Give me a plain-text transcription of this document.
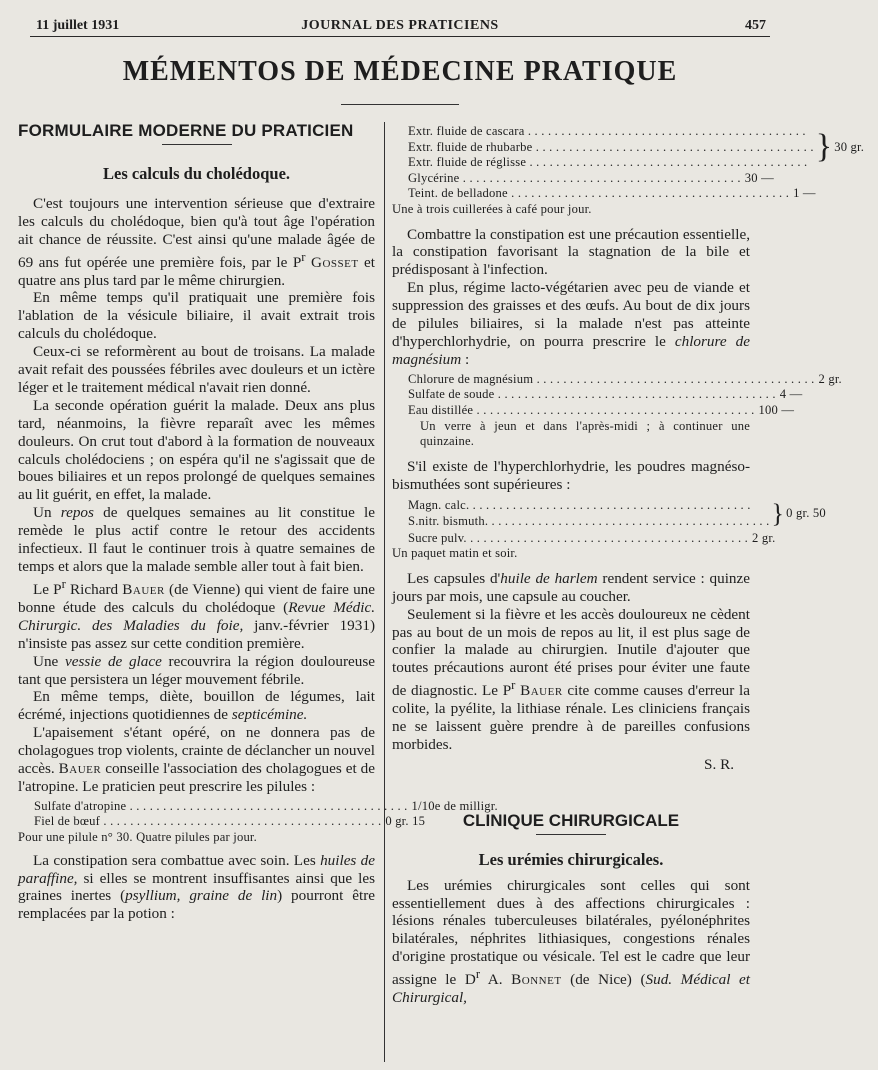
11 juillet 1931	JOURNAL DES PRATICIENS	457
MÉMENTOS DE MÉDECINE PRATIQUE
FORMULAIRE MODERNE DU PRATICIEN
Les calculs du cholédoque.

C'est toujours une intervention sérieuse que d'extraire les calculs du cholédoque, bien qu'à tout âge l'opération ait chance de réussite. C'est ainsi qu'une malade âgée de 69 ans fut opérée une première fois, par le $P^r$ Gosset et quatre ans plus tard par le même chirurgien.

En même temps qu'il pratiquait une première fois l'ablation de la vésicule biliaire, il avait extrait trois calculs du cholédoque.

Ceux-ci se reformèrent au bout de troisans. La malade avait refait des poussées fébriles avec douleurs et un ictère léger et le traitement médical n'avait rien donné.

La seconde opération guérit la malade. Deux ans plus tard, néanmoins, la fièvre reparaît avec les mêmes douleurs. On crut tout d'abord à la formation de nouveaux calculs cholédociens ; on espéra qu'il ne s'agissait que de boues biliaires et un repos prolongé de quelques semaines au lit guérit, en effet, la malade.

Un repos de quelques semaines au lit constitue le remède le plus actif contre le retour des accidents infectieux. Il faut le continuer trois à quatre semaines de temps et alors que la malade semble aller tout à fait bien.

Le $P^r$ Richard Bauer (de Vienne) qui vient de faire une bonne étude des calculs du cholédoque (Revue Médic. Chirurgic. des Maladies du foie, janv.-février 1931) n'insiste pas assez sur cette condition première.

Une vessie de glace recouvrira la région douloureuse tant que persistera un léger mouvement fébrile.

En même temps, diète, bouillon de légumes, lait écrémé, injections quotidiennes de septicémine.

L'apaisement s'étant opéré, on ne donnera pas de cholagogues trop violents, crainte de déclancher un nouvel accès. Bauer conseille l'association des cholagogues et de l'atropine. Le praticien peut prescrire les pilules :

Sulfate d'atropine . . .	1/10e de milligr.
Fiel de bœuf . . .	0 gr. 15
Pour une pilule n° 30. Quatre pilules par jour.

La constipation sera combattue avec soin. Les huiles de paraffine, si elles se montrent insuffisantes ainsi que les graines inertes (psyllium, graine de lin) pourront être remplacées par la potion :

Extr. fluide de cascara . . .
Extr. fluide de rhubarbe . . .
Extr. fluide de réglisse . . .	} 30 gr.
Glycérine . . .	30 —
Teint. de belladone . . .	1 —
Une à trois cuillerées à café pour jour.

Combattre la constipation est une précaution essentielle, la constipation favorisant la stagnation de la bile et prédisposant à l'infection.

En plus, régime lacto-végétarien avec peu de viande et suppression des graisses et des œufs. Au bout de dix jours de pilules biliaires, si la malade n'est pas atteinte d'hyperchlorhydrie, on pourra prescrire le chlorure de magnésium :

Chlorure de magnésium . . .	2 gr.
Sulfate de soude . . .	4 —
Eau distillée . . .	100 —
Un verre à jeun et dans l'après-midi ; à continuer une quinzaine.

S'il existe de l'hyperchlorhydrie, les poudres magnéso-bismuthées sont supérieures :

Magn. calc. . . .
S.nitr. bismuth. . . .	} 0 gr. 50
Sucre pulv. . . .	2 gr.
Un paquet matin et soir.

Les capsules d'huile de harlem rendent service : quinze jours par mois, une capsule au coucher.

Seulement si la fièvre et les accès douloureux ne cèdent pas au bout de un mois de repos au lit, il est plus sage de confier la malade au chirurgien. Inutile d'ajouter que toutes précautions auront été prises pour éviter une faute de diagnostic. Le $P^r$ Bauer cite comme causes d'erreur la colite, la pyélite, la lithiase rénale. Les cliniciens français ne se laissent guère prendre à de pareilles confusions morbides.

S. R.
CLINIQUE CHIRURGICALE
Les urémies chirurgicales.

Les urémies chirurgicales sont celles qui sont essentiellement dues à des affections chirurgicales : lésions rénales tuberculeuses bilatérales, pyélonéphrites bilatérales, néphrites lithiasiques, congestions rénales d'origine prostatique ou vésicale. Tel est le cadre que leur assigne le $D^r$ A. Bonnet (de Nice) (Sud. Médical et Chirurgical,
